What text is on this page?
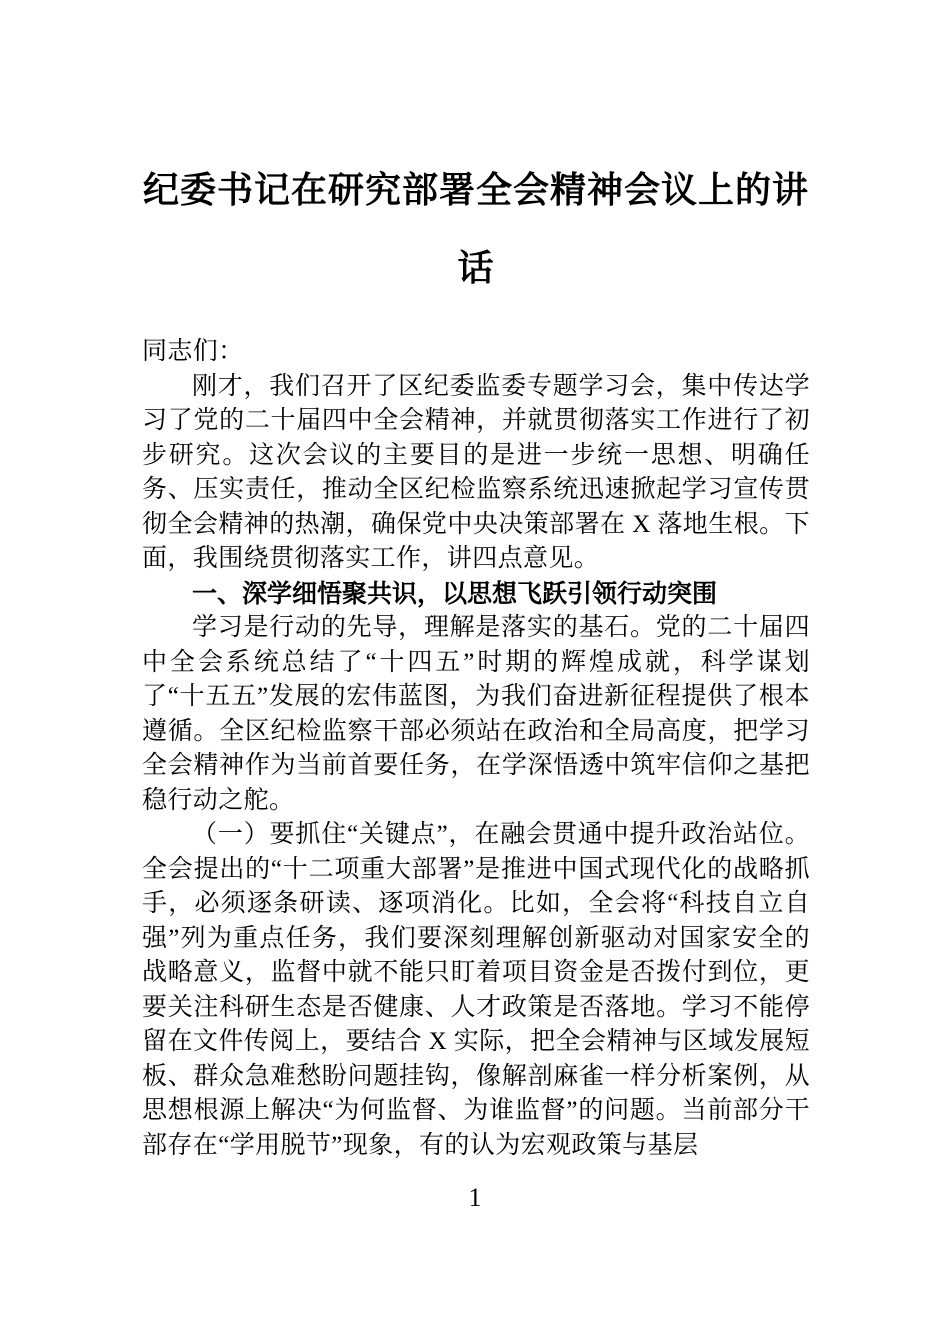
纪委书记在研究部署全会精神会议上的讲话

同志们：

刚才，我们召开了区纪委监委专题学习会，集中传达学习了党的二十届四中全会精神，并就贯彻落实工作进行了初步研究。这次会议的主要目的是进一步统一思想、明确任务、压实责任，推动全区纪检监察系统迅速掀起学习宣传贯彻全会精神的热潮，确保党中央决策部署在 X 落地生根。下面，我围绕贯彻落实工作，讲四点意见。

一、深学细悟聚共识，以思想飞跃引领行动突围

学习是行动的先导，理解是落实的基石。党的二十届四中全会系统总结了“十四五”时期的辉煌成就，科学谋划了“十五五”发展的宏伟蓝图，为我们奋进新征程提供了根本遵循。全区纪检监察干部必须站在政治和全局高度，把学习全会精神作为当前首要任务，在学深悟透中筑牢信仰之基把稳行动之舵。

（一）要抓住“关键点”，在融会贯通中提升政治站位。全会提出的“十二项重大部署”是推进中国式现代化的战略抓手，必须逐条研读、逐项消化。比如，全会将“科技自立自强”列为重点任务，我们要深刻理解创新驱动对国家安全的战略意义，监督中就不能只盯着项目资金是否拨付到位，更要关注科研生态是否健康、人才政策是否落地。学习不能停留在文件传阅上，要结合 X 实际，把全会精神与区域发展短板、群众急难愁盼问题挂钩，像解剖麻雀一样分析案例，从思想根源上解决“为何监督、为谁监督”的问题。当前部分干部存在“学用脱节”现象，有的认为宏观政策与基层

1
